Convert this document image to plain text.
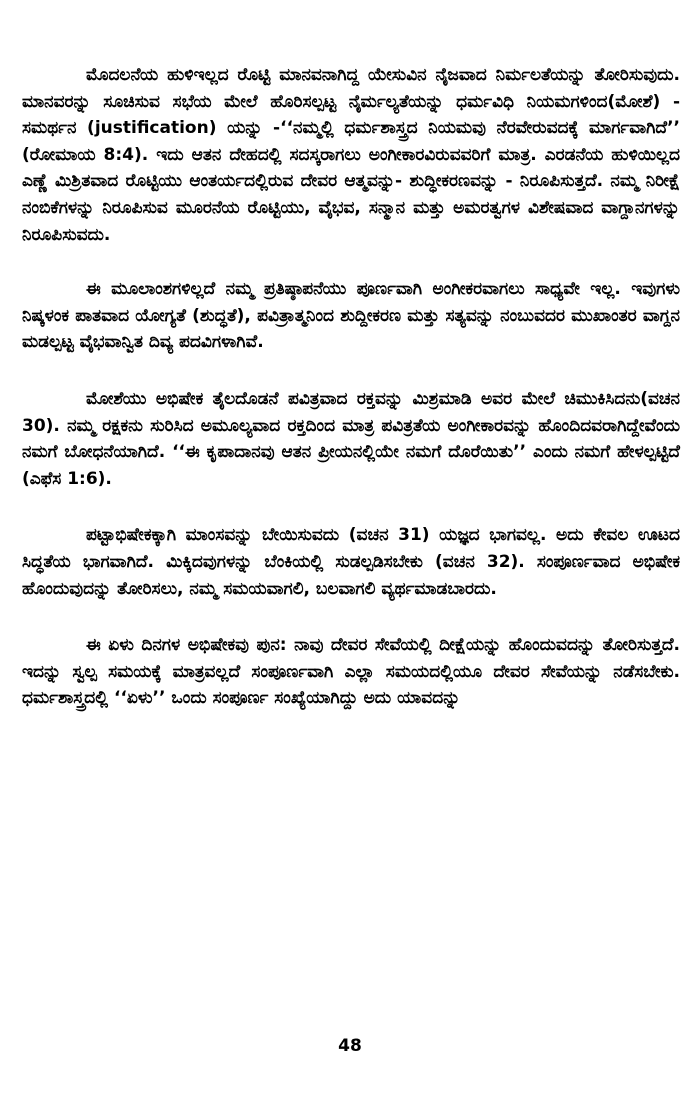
ಮೊದಲನೆಯ ಹುಳಿಇಲ್ಲದ ರೊಟ್ಟಿ ಮಾನವನಾಗಿದ್ದ ಯೇಸುವಿನ ನೈಜವಾದ ನಿರ್ಮಲತೆಯನ್ನು ತೋರಿಸುವುದು. ಮಾನವರನ್ನು ಸೂಚಿಸುವ ಸಭೆಯ ಮೇಲೆ ಹೊರಿಸಲ್ಪಟ್ಟ ನೈರ್ಮಲ್ಯತೆಯನ್ನು ಧರ್ಮವಿಧಿ ನಿಯಮಗಳಿಂದ(ಮೋಶೆ) - ಸಮರ್ಥನ (justification) ಯನ್ನು -‘‘ನಮ್ಮಲ್ಲಿ ಧರ್ಮಶಾಸ್ತ್ರದ ನಿಯಮವು ನೆರವೇರುವದಕ್ಕೆ ಮಾರ್ಗವಾಗಿದೆ’’ (ರೋಮಾಯ 8:4). ಇದು ಆತನ ದೇಹದಲ್ಲಿ ಸದಸ್ಕರಾಗಲು ಅಂಗೀಕಾರವಿರುವವರಿಗೆ ಮಾತ್ರ. ಎರಡನೆಯ ಹುಳಿಯಿಲ್ಲದ ಎಣ್ಣೆ ಮಿಶ್ರಿತವಾದ ರೊಟ್ಟಿಯು ಆಂತರ್ಯದಲ್ಲಿರುವ ದೇವರ ಆತ್ಮವನ್ನು- ಶುದ್ಧೀಕರಣವನ್ನು - ನಿರೂಪಿಸುತ್ತದೆ. ನಮ್ಮ ನಿರೀಕ್ಷೆ ನಂಬಿಕೆಗಳನ್ನು ನಿರೂಪಿಸುವ ಮೂರನೆಯ ರೊಟ್ಟಿಯು, ವೈಭವ, ಸನ್ಮಾನ ಮತ್ತು ಅಮರತ್ವಗಳ ವಿಶೇಷವಾದ ವಾಗ್ದಾನಗಳನ್ನು ನಿರೂಪಿಸುವದು.

ಈ ಮೂಲಾಂಶಗಳಿಲ್ಲದೆ ನಮ್ಮ ಪ್ರತಿಷ್ಠಾಪನೆಯು ಪೂರ್ಣವಾಗಿ ಅಂಗೀಕರವಾಗಲು ಸಾಧ್ಯವೇ ಇಲ್ಲ. ಇವುಗಳು ನಿಷ್ಕಳಂಕ ಪಾತವಾದ ಯೋಗ್ಯತೆ (ಶುದ್ಧತೆ), ಪವಿತ್ರಾತ್ಮನಿಂದ ಶುದ್ದೀಕರಣ ಮತ್ತು ಸತ್ಯವನ್ನು ನಂಬುವದರ ಮುಖಾಂತರ ವಾಗ್ದನ ಮಡಲ್ಪಟ್ಟ ವೈಭವಾನ್ವಿತ ದಿವ್ಯ ಪದವಿಗಳಾಗಿವೆ.

ಮೋಶೆಯು ಅಭಿಷೇಕ ತೈಲದೊಡನೆ ಪವಿತ್ರವಾದ ರಕ್ತವನ್ನು ಮಿಶ್ರಮಾಡಿ ಅವರ ಮೇಲೆ ಚಿಮುಕಿಸಿದನು(ವಚನ 30). ನಮ್ಮ ರಕ್ಷಕನು ಸುರಿಸಿದ ಅಮೂಲ್ಯವಾದ ರಕ್ತದಿಂದ ಮಾತ್ರ ಪವಿತ್ರತೆಯ ಅಂಗೀಕಾರವನ್ನು ಹೊಂದಿದವರಾಗಿದ್ದೇವೆಂದು ನಮಗೆ ಬೋಧನೆಯಾಗಿದೆ. ‘‘ಈ ಕೃಪಾದಾನವು ಆತನ ಪ್ರೀಯನಲ್ಲಿಯೇ ನಮಗೆ ದೊರೆಯಿತು’’ ಎಂದು ನಮಗೆ ಹೇಳಲ್ಪಟ್ಟಿದೆ (ಎಫೆಸ 1:6).

ಪಟ್ಟಾಭಿಷೇಕಕ್ಕಾಗಿ ಮಾಂಸವನ್ನು ಬೇಯಿಸುವದು (ವಚನ 31) ಯಜ್ಞದ ಭಾಗವಲ್ಲ. ಅದು ಕೇವಲ ಊಟದ ಸಿದ್ಧತೆಯ ಭಾಗವಾಗಿದೆ. ಮಿಕ್ಕಿದವುಗಳನ್ನು ಬೆಂಕಿಯಲ್ಲಿ ಸುಡಲ್ಪಡಿಸಬೇಕು (ವಚನ 32). ಸಂಪೂರ್ಣವಾದ ಅಭಿಷೇಕ ಹೊಂದುವುದನ್ನು ತೋರಿಸಲು, ನಮ್ಮ ಸಮಯವಾಗಲಿ, ಬಲವಾಗಲಿ ವ್ಯರ್ಥಮಾಡಬಾರದು.

ಈ ಏಳು ದಿನಗಳ ಅಭಿಷೇಕವು ಪುನ: ನಾವು ದೇವರ ಸೇವೆಯಲ್ಲಿ ದೀಕ್ಷೆಯನ್ನು ಹೊಂದುವದನ್ನು ತೋರಿಸುತ್ತದೆ. ಇದನ್ನು ಸ್ವಲ್ಪ ಸಮಯಕ್ಕೆ ಮಾತ್ರವಲ್ಲದೆ ಸಂಪೂರ್ಣವಾಗಿ ಎಲ್ಲಾ ಸಮಯದಲ್ಲಿಯೂ ದೇವರ ಸೇವೆಯನ್ನು ನಡೆಸಬೇಕು. ಧರ್ಮಶಾಸ್ತ್ರದಲ್ಲಿ ‘‘ಏಳು’’ ಒಂದು ಸಂಪೂರ್ಣ ಸಂಖ್ಯೆಯಾಗಿದ್ದು ಅದು ಯಾವದನ್ನು

48
